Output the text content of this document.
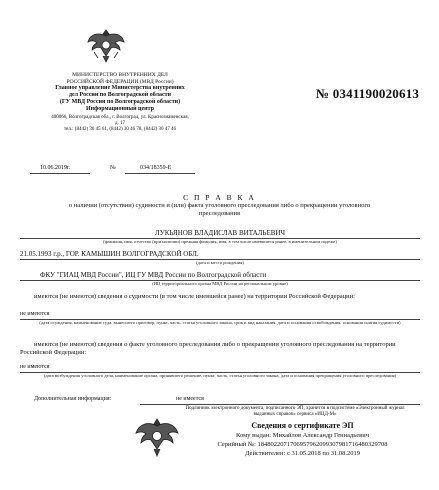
МИНИСТЕРСТВО ВНУТРЕННИХ ДЕЛ
РОССИЙСКОЙ ФЕДЕРАЦИИ (МВД России)
Главное управление Министерства внутренних
дел России по Волгоградской области
(ГУ МВД России по Волгоградской области)
Информационный центр
400066, Волгоградская обл., г. Волгоград, ул. Краснознаменская,
д. 17
тел.: (8442) 30 45 61, (8442) 30 46 78, (8442) 30 47 46
10.06.2019г.	№	034/18359-Е
№ 0341190020613
С П Р А В К А
о наличии (отсутствии) судимости и (или) факта уголовного преследования либо о прекращении уголовного преследования
ЛУКЬЯНОВ ВЛАДИСЛАВ ВИТАЛЬЕВИЧ
(фамилия, имя, отчество (при наличии) прежняя фамилия, имя, в том числе имевшиеся ранее, в именительном падеже)
21.05.1993 г.р., ГОР. КАМЫШИН ВОЛГОГРАДСКОЙ ОБЛ.
(дата и место рождения)
ФКУ "ГИАЦ МВД России", ИЦ ГУ МВД России по Волгоградской области
(ИЦ территориального органа МВД России на региональном уровне)
имеются (не имеются) сведения о судимости (в том числе имевшейся ранее) на территории Российской Федерации:
не имеются
(дата осуждения, наименование суда, вынесшего приговор, пункт, часть, статья уголовного закона, срок и вид наказания, дата и основания освобождения, основания снятия судимости)
имеются (не имеются) сведения о факте уголовного преследования либо о прекращении уголовного преследования на территории Российской Федерации:
не имеются
(дата возбуждения уголовного дела, наименование органа, принявшего решение, пункт, часть, статья уголовного закона, дата и основания прекращения уголовного преследования)
Дополнительная информация:	не имеется
Подлинник электронного документа, подписанного ЭП, хранится в подсистеме «Электронный журнал
выданных справок» сервиса «ИЦД-М»
Сведения о сертификате ЭП
Кому выдан: Михайлов Александр Геннадьевич
Серийный №: 1848022071706957962099307981716480329708
Действителен: с 31.05.2018 по 31.08.2019
